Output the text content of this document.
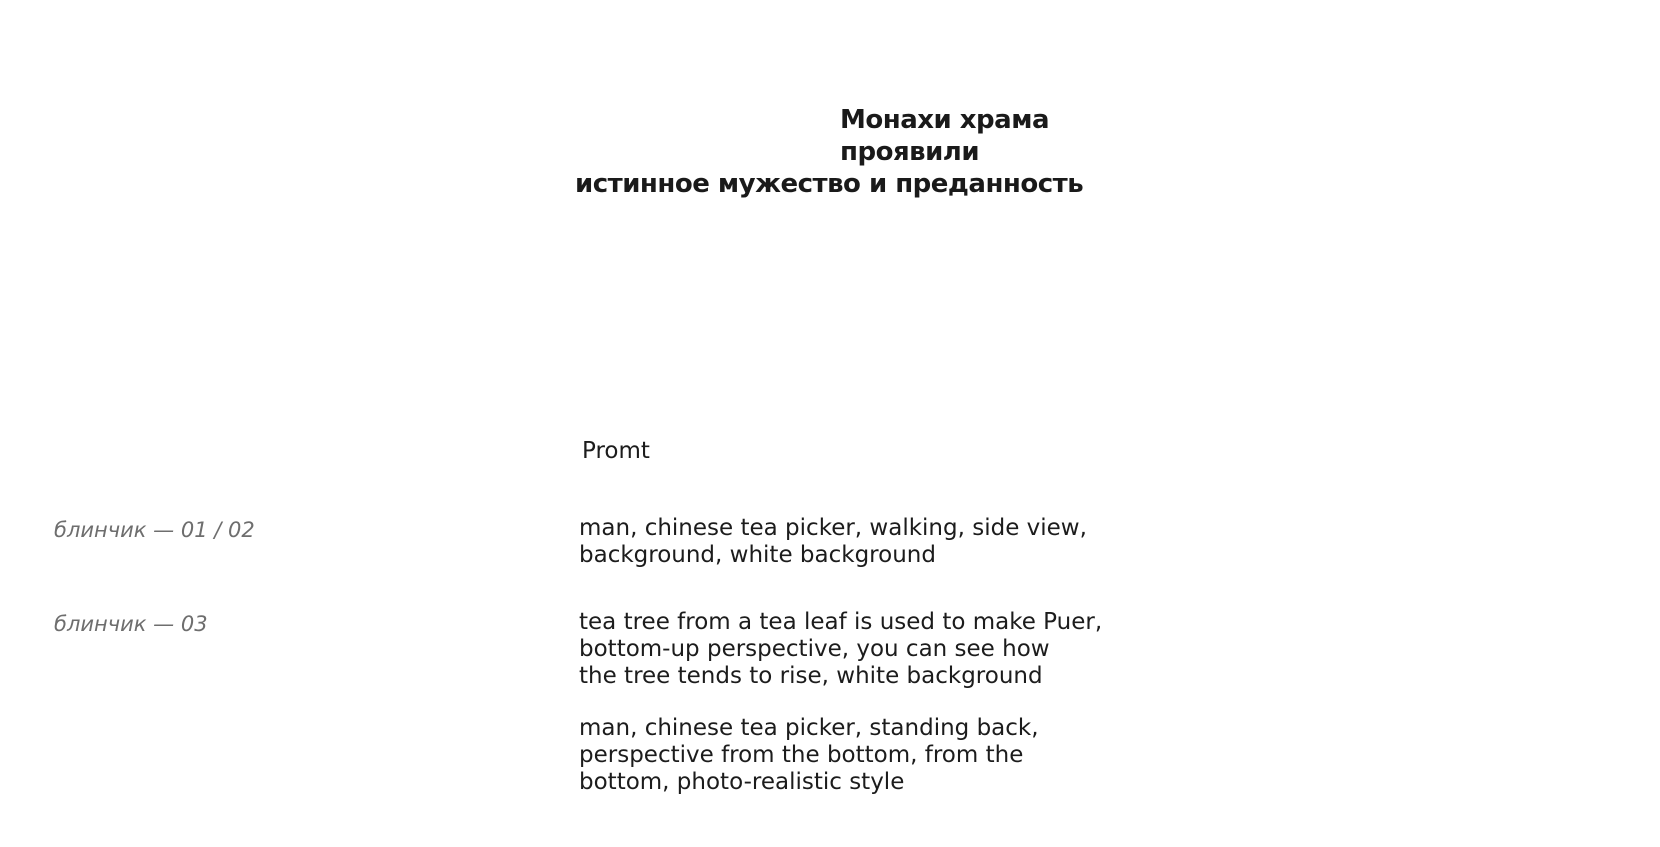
Монахи храма проявили
истинное мужество и преданность
Promt
блинчик — 01 / 02
блинчик — 03

man, chinese tea picker, walking, side view,
background, white background

tea tree from a tea leaf is used to make Puer,
bottom-up perspective, you can see how
the tree tends to rise, white background

man, chinese tea picker, standing back,
perspective from the bottom, from the
bottom, photo-realistic style
